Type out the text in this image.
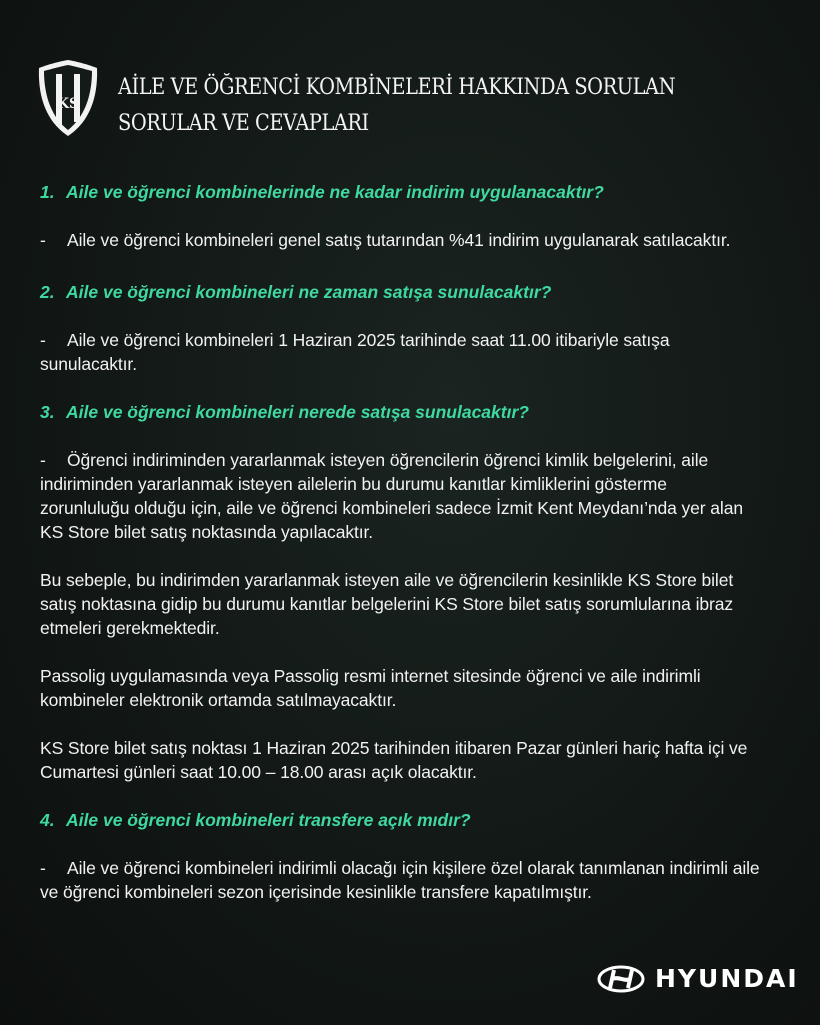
KS
AİLE VE ÖĞRENCİ KOMBİNELERİ HAKKINDA SORULAN
SORULAR VE CEVAPLARI
1. Aile ve öğrenci kombinelerinde ne kadar indirim uygulanacaktır?
- Aile ve öğrenci kombineleri genel satış tutarından %41 indirim uygulanarak satılacaktır.
2. Aile ve öğrenci kombineleri ne zaman satışa sunulacaktır?
- Aile ve öğrenci kombineleri 1 Haziran 2025 tarihinde saat 11.00 itibariyle satışa
sunulacaktır.
3. Aile ve öğrenci kombineleri nerede satışa sunulacaktır?
- Öğrenci indiriminden yararlanmak isteyen öğrencilerin öğrenci kimlik belgelerini, aile
indiriminden yararlanmak isteyen ailelerin bu durumu kanıtlar kimliklerini gösterme
zorunluluğu olduğu için, aile ve öğrenci kombineleri sadece İzmit Kent Meydanı’nda yer alan
KS Store bilet satış noktasında yapılacaktır.
Bu sebeple, bu indirimden yararlanmak isteyen aile ve öğrencilerin kesinlikle KS Store bilet
satış noktasına gidip bu durumu kanıtlar belgelerini KS Store bilet satış sorumlularına ibraz
etmeleri gerekmektedir.
Passolig uygulamasında veya Passolig resmi internet sitesinde öğrenci ve aile indirimli
kombineler elektronik ortamda satılmayacaktır.
KS Store bilet satış noktası 1 Haziran 2025 tarihinden itibaren Pazar günleri hariç hafta içi ve
Cumartesi günleri saat 10.00 – 18.00 arası açık olacaktır.
4. Aile ve öğrenci kombineleri transfere açık mıdır?
- Aile ve öğrenci kombineleri indirimli olacağı için kişilere özel olarak tanımlanan indirimli aile
ve öğrenci kombineleri sezon içerisinde kesinlikle transfere kapatılmıştır.
HYUNDAI
